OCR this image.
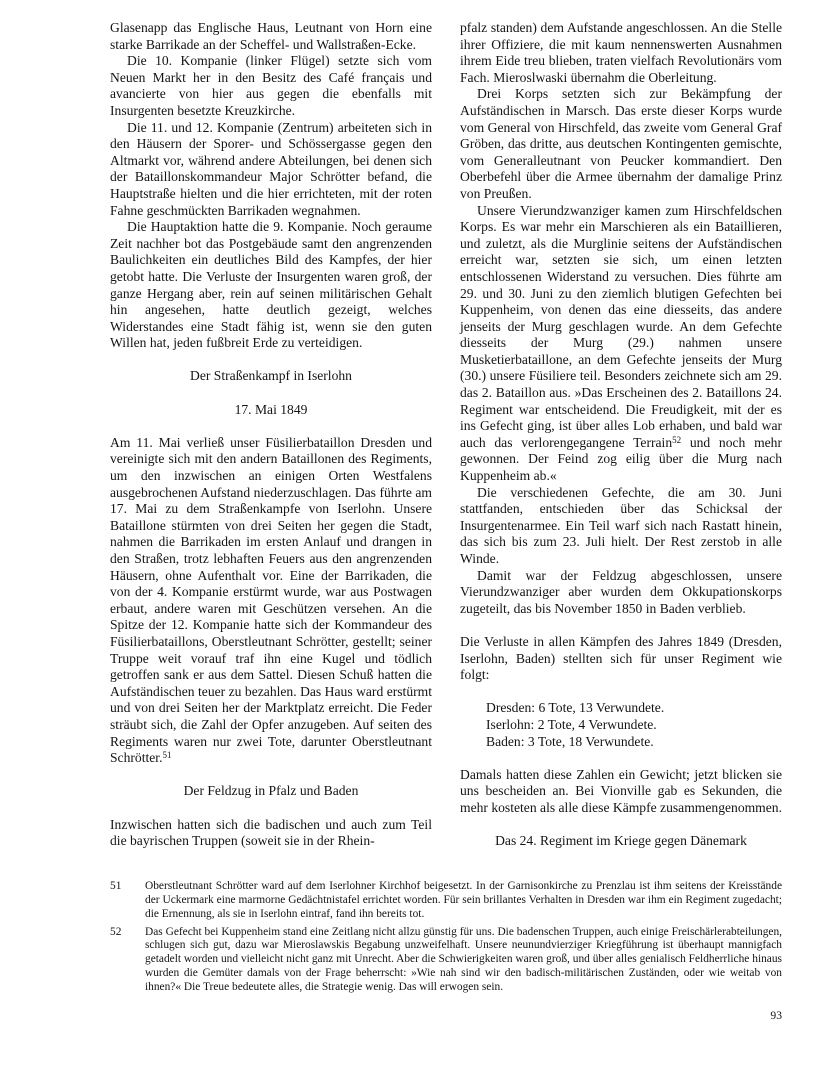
Glasenapp das Englische Haus, Leutnant von Horn eine starke Barrikade an der Scheffel- und Wallstraßen-Ecke.

Die 10. Kompanie (linker Flügel) setzte sich vom Neuen Markt her in den Besitz des Café français und avancierte von hier aus gegen die ebenfalls mit Insurgenten besetzte Kreuzkirche.

Die 11. und 12. Kompanie (Zentrum) arbeiteten sich in den Häusern der Sporer- und Schössergasse gegen den Altmarkt vor, während andere Abteilungen, bei denen sich der Bataillonskommandeur Major Schrötter befand, die Hauptstraße hielten und die hier errichteten, mit der roten Fahne geschmückten Barrikaden wegnahmen.

Die Hauptaktion hatte die 9. Kompanie. Noch geraume Zeit nachher bot das Postgebäude samt den angrenzenden Baulichkeiten ein deutliches Bild des Kampfes, der hier getobt hatte. Die Verluste der Insurgenten waren groß, der ganze Hergang aber, rein auf seinen militärischen Gehalt hin angesehen, hatte deutlich gezeigt, welches Widerstandes eine Stadt fähig ist, wenn sie den guten Willen hat, jeden fußbreit Erde zu verteidigen.

Der Straßenkampf in Iserlohn

17. Mai 1849

Am 11. Mai verließ unser Füsilierbataillon Dresden und vereinigte sich mit den andern Bataillonen des Regiments, um den inzwischen an einigen Orten Westfalens ausgebrochenen Aufstand niederzuschlagen. Das führte am 17. Mai zu dem Straßenkampfe von Iserlohn. Unsere Bataillone stürmten von drei Seiten her gegen die Stadt, nahmen die Barrikaden im ersten Anlauf und drangen in den Straßen, trotz lebhaften Feuers aus den angrenzenden Häusern, ohne Aufenthalt vor. Eine der Barrikaden, die von der 4. Kompanie erstürmt wurde, war aus Postwagen erbaut, andere waren mit Geschützen versehen. An die Spitze der 12. Kompanie hatte sich der Kommandeur des Füsilierbataillons, Oberstleutnant Schrötter, gestellt; seiner Truppe weit vorauf traf ihn eine Kugel und tödlich getroffen sank er aus dem Sattel. Diesen Schuß hatten die Aufständischen teuer zu bezahlen. Das Haus ward erstürmt und von drei Seiten her der Marktplatz erreicht. Die Feder sträubt sich, die Zahl der Opfer anzugeben. Auf seiten des Regiments waren nur zwei Tote, darunter Oberstleutnant Schrötter.$^{51}$

Der Feldzug in Pfalz und Baden

Inzwischen hatten sich die badischen und auch zum Teil die bayrischen Truppen (soweit sie in der Rhein-

pfalz standen) dem Aufstande angeschlossen. An die Stelle ihrer Offiziere, die mit kaum nennenswerten Ausnahmen ihrem Eide treu blieben, traten vielfach Revolutionärs vom Fach. Mieroslwaski übernahm die Oberleitung.

Drei Korps setzten sich zur Bekämpfung der Aufständischen in Marsch. Das erste dieser Korps wurde vom General von Hirschfeld, das zweite vom General Graf Gröben, das dritte, aus deutschen Kontingenten gemischte, vom Generalleutnant von Peucker kommandiert. Den Oberbefehl über die Armee übernahm der damalige Prinz von Preußen.

Unsere Vierundzwanziger kamen zum Hirschfeldschen Korps. Es war mehr ein Marschieren als ein Bataillieren, und zuletzt, als die Murglinie seitens der Aufständischen erreicht war, setzten sie sich, um einen letzten entschlossenen Widerstand zu versuchen. Dies führte am 29. und 30. Juni zu den ziemlich blutigen Gefechten bei Kuppenheim, von denen das eine diesseits, das andere jenseits der Murg geschlagen wurde. An dem Gefechte diesseits der Murg (29.) nahmen unsere Musketierbataillone, an dem Gefechte jenseits der Murg (30.) unsere Füsiliere teil. Besonders zeichnete sich am 29. das 2. Bataillon aus. »Das Erscheinen des 2. Bataillons 24. Regiment war entscheidend. Die Freudigkeit, mit der es ins Gefecht ging, ist über alles Lob erhaben, und bald war auch das verlorengegangene Terrain$^{52}$ und noch mehr gewonnen. Der Feind zog eilig über die Murg nach Kuppenheim ab.«

Die verschiedenen Gefechte, die am 30. Juni stattfanden, entschieden über das Schicksal der Insurgentenarmee. Ein Teil warf sich nach Rastatt hinein, das sich bis zum 23. Juli hielt. Der Rest zerstob in alle Winde.

Damit war der Feldzug abgeschlossen, unsere Vierundzwanziger aber wurden dem Okkupationskorps zugeteilt, das bis November 1850 in Baden verblieb.

Die Verluste in allen Kämpfen des Jahres 1849 (Dresden, Iserlohn, Baden) stellten sich für unser Regiment wie folgt:

Dresden: 6 Tote, 13 Verwundete.
Iserlohn: 2 Tote, 4 Verwundete.
Baden: 3 Tote, 18 Verwundete.

Damals hatten diese Zahlen ein Gewicht; jetzt blicken sie uns bescheiden an. Bei Vionville gab es Sekunden, die mehr kosteten als alle diese Kämpfe zusammengenommen.

Das 24. Regiment im Kriege gegen Dänemark

51	Oberstleutnant Schrötter ward auf dem Iserlohner Kirchhof beigesetzt. In der Garnisonkirche zu Prenzlau ist ihm seitens der Kreisstände der Uckermark eine marmorne Gedächtnistafel errichtet worden. Für sein brillantes Verhalten in Dresden war ihm ein Regiment zugedacht; die Ernennung, als sie in Iserlohn eintraf, fand ihn bereits tot.
52	Das Gefecht bei Kuppenheim stand eine Zeitlang nicht allzu günstig für uns. Die badenschen Truppen, auch einige Freischärlerabteilungen, schlugen sich gut, dazu war Mieroslawskis Begabung unzweifelhaft. Unsere neunundvierziger Kriegführung ist überhaupt mannigfach getadelt worden und vielleicht nicht ganz mit Unrecht. Aber die Schwierigkeiten waren groß, und über alles genialisch Feldherrliche hinaus wurden die Gemüter damals von der Frage beherrscht: »Wie nah sind wir den badisch-militärischen Zuständen, oder wie weitab von ihnen?« Die Treue bedeutete alles, die Strategie wenig. Das will erwogen sein.
93
